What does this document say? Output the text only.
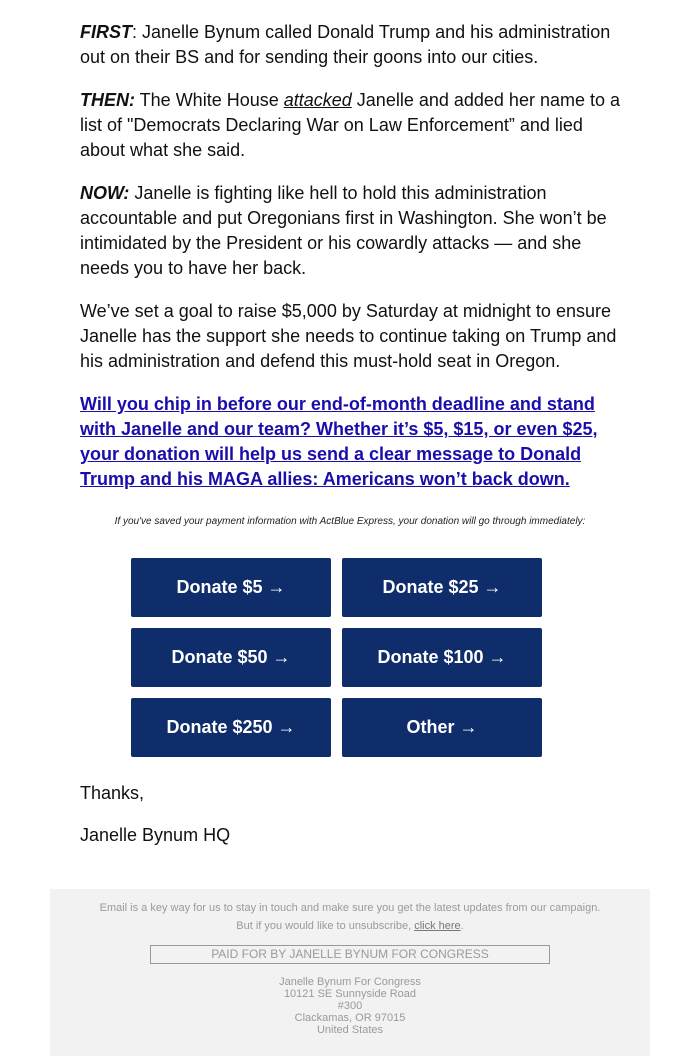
FIRST: Janelle Bynum called Donald Trump and his administration out on their BS and for sending their goons into our cities.

THEN: The White House attacked Janelle and added her name to a list of "Democrats Declaring War on Law Enforcement” and lied about what she said.

NOW: Janelle is fighting like hell to hold this administration accountable and put Oregonians first in Washington. She won’t be intimidated by the President or his cowardly attacks — and she needs you to have her back.

We’ve set a goal to raise $5,000 by Saturday at midnight to ensure Janelle has the support she needs to continue taking on Trump and his administration and defend this must-hold seat in Oregon.

Will you chip in before our end-of-month deadline and stand with Janelle and our team? Whether it’s $5, $15, or even $25, your donation will help us send a clear message to Donald Trump and his MAGA allies: Americans won’t back down.
If you've saved your payment information with ActBlue Express, your donation will go through immediately:
Donate $5 →	Donate $25 →
Donate $50 →	Donate $100 →
Donate $250 →	Other →
Thanks,
Janelle Bynum HQ
Email is a key way for us to stay in touch and make sure you get the latest updates from our campaign.
But if you would like to unsubscribe, click here.
PAID FOR BY JANELLE BYNUM FOR CONGRESS
Janelle Bynum For Congress
10121 SE Sunnyside Road
#300
Clackamas, OR 97015
United States
